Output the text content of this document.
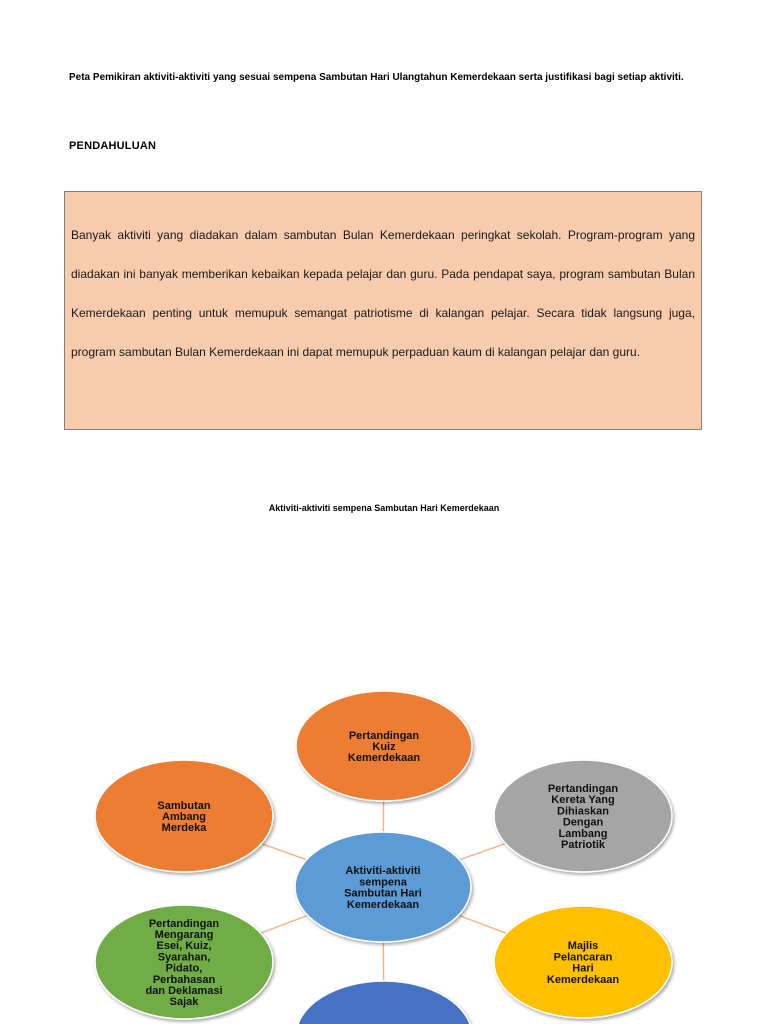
Peta Pemikiran aktiviti-aktiviti yang sesuai sempena Sambutan Hari Ulangtahun Kemerdekaan serta justifikasi bagi setiap aktiviti.
PENDAHULUAN

Banyak aktiviti yang diadakan dalam sambutan Bulan Kemerdekaan peringkat sekolah. Program-program yang diadakan ini banyak memberikan kebaikan kepada pelajar dan guru. Pada pendapat saya, program sambutan Bulan Kemerdekaan penting untuk memupuk semangat patriotisme di kalangan pelajar. Secara tidak langsung juga, program sambutan Bulan Kemerdekaan ini dapat memupuk perpaduan kaum di kalangan pelajar dan guru.

Aktiviti-aktiviti sempena Sambutan Hari Kemerdekaan
Pertandingan Kuiz Kemerdekaan
Pertandingan Kereta Yang Dihiaskan Dengan Lambang Patriotik
Majlis Pelancaran Hari Kemerdekaan
Pertandingan Mengarang Esei, Kuiz, Syarahan, Pidato, Perbahasan dan Deklamasi Sajak
Sambutan Ambang Merdeka
Aktiviti-aktiviti sempena Sambutan Hari Kemerdekaan
